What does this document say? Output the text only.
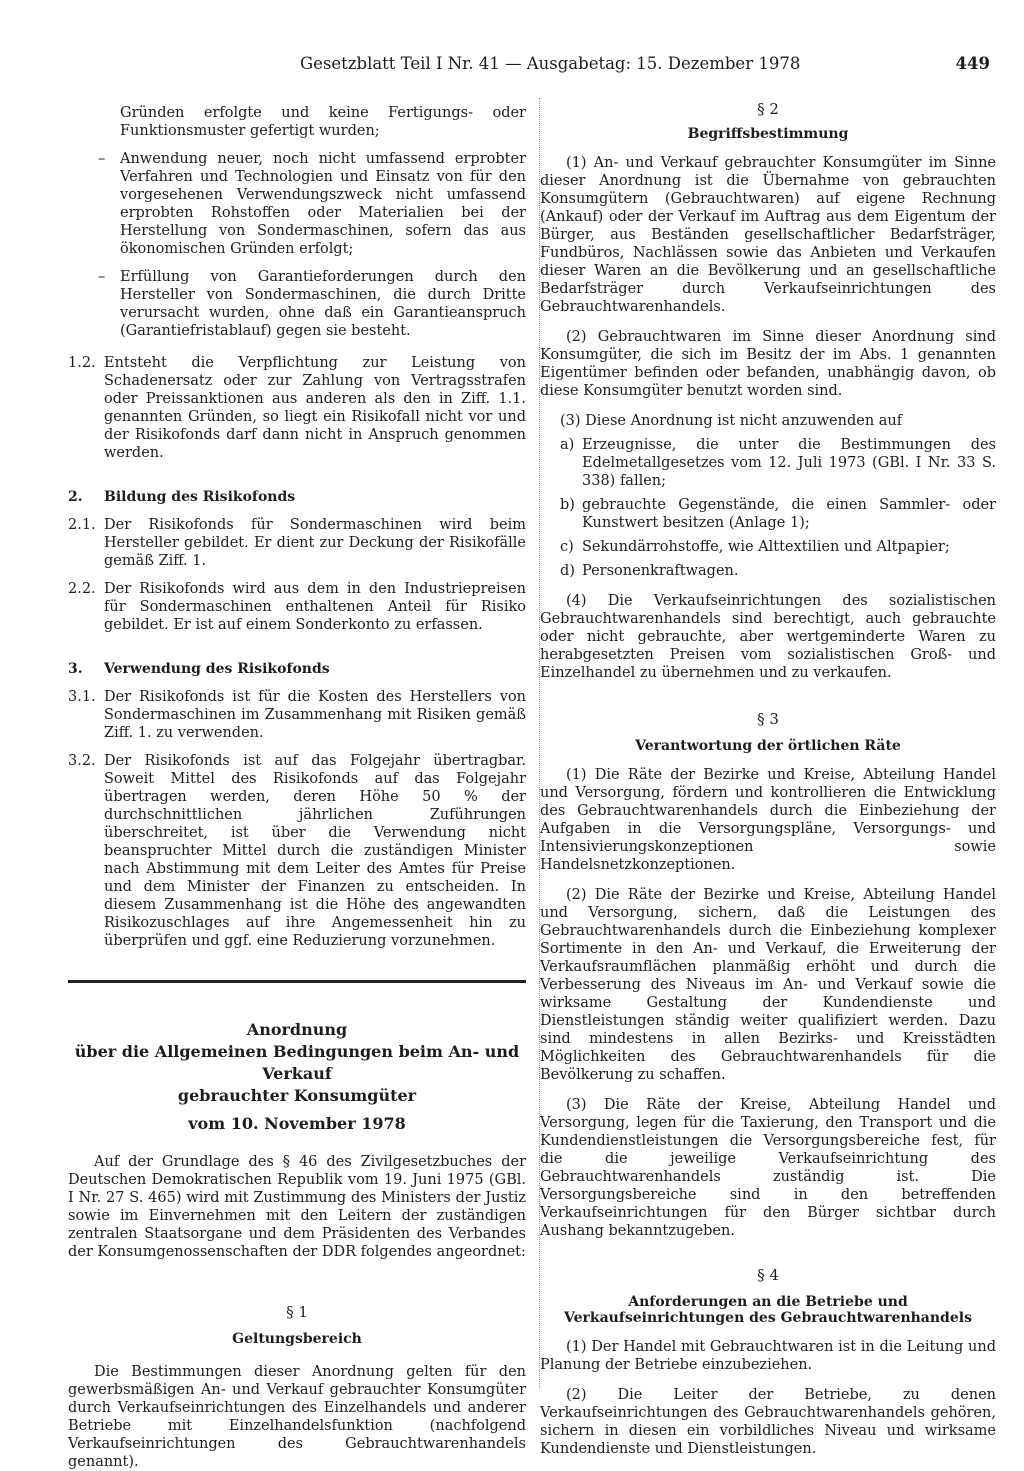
Gesetzblatt Teil I Nr. 41 — Ausgabetag: 15. Dezember 1978	449

Gründen erfolgte und keine Fertigungs- oder Funktionsmuster gefertigt wurden;

– Anwendung neuer, noch nicht umfassend erprobter Verfahren und Technologien und Einsatz von für den vorgesehenen Verwendungszweck nicht umfassend erprobten Rohstoffen oder Materialien bei der Herstellung von Sondermaschinen, sofern das aus ökonomischen Gründen erfolgt;
– Erfüllung von Garantieforderungen durch den Hersteller von Sondermaschinen, die durch Dritte verursacht wurden, ohne daß ein Garantieanspruch (Garantiefristablauf) gegen sie besteht.
1.2. Entsteht die Verpflichtung zur Leistung von Schadenersatz oder zur Zahlung von Vertragsstrafen oder Preissanktionen aus anderen als den in Ziff. 1.1. genannten Gründen, so liegt ein Risikofall nicht vor und der Risikofonds darf dann nicht in Anspruch genommen werden.
2. Bildung des Risikofonds
2.1. Der Risikofonds für Sondermaschinen wird beim Hersteller gebildet. Er dient zur Deckung der Risikofälle gemäß Ziff. 1.
2.2. Der Risikofonds wird aus dem in den Industriepreisen für Sondermaschinen enthaltenen Anteil für Risiko gebildet. Er ist auf einem Sonderkonto zu erfassen.
3. Verwendung des Risikofonds
3.1. Der Risikofonds ist für die Kosten des Herstellers von Sondermaschinen im Zusammenhang mit Risiken gemäß Ziff. 1. zu verwenden.
3.2. Der Risikofonds ist auf das Folgejahr übertragbar. Soweit Mittel des Risikofonds auf das Folgejahr übertragen werden, deren Höhe 50 % der durchschnittlichen jährlichen Zuführungen überschreitet, ist über die Verwendung nicht beanspruchter Mittel durch die zuständigen Minister nach Abstimmung mit dem Leiter des Amtes für Preise und dem Minister der Finanzen zu entscheiden. In diesem Zusammenhang ist die Höhe des angewandten Risikozuschlages auf ihre Angemessenheit hin zu überprüfen und ggf. eine Reduzierung vorzunehmen.
Anordnung
über die Allgemeinen Bedingungen beim An- und Verkauf
gebrauchter Konsumgüter
vom 10. November 1978

Auf der Grundlage des § 46 des Zivilgesetzbuches der Deutschen Demokratischen Republik vom 19. Juni 1975 (GBl. I Nr. 27 S. 465) wird mit Zustimmung des Ministers der Justiz sowie im Einvernehmen mit den Leitern der zuständigen zentralen Staatsorgane und dem Präsidenten des Verbandes der Konsumgenossenschaften der DDR folgendes angeordnet:

§ 1
Geltungsbereich

Die Bestimmungen dieser Anordnung gelten für den gewerbsmäßigen An- und Verkauf gebrauchter Konsumgüter durch Verkaufseinrichtungen des Einzelhandels und anderer Betriebe mit Einzelhandelsfunktion (nachfolgend Verkaufseinrichtungen des Gebrauchtwarenhandels genannt).

§ 2
Begriffsbestimmung

(1) An- und Verkauf gebrauchter Konsumgüter im Sinne dieser Anordnung ist die Übernahme von gebrauchten Konsumgütern (Gebrauchtwaren) auf eigene Rechnung (Ankauf) oder der Verkauf im Auftrag aus dem Eigentum der Bürger, aus Beständen gesellschaftlicher Bedarfsträger, Fundbüros, Nachlässen sowie das Anbieten und Verkaufen dieser Waren an die Bevölkerung und an gesellschaftliche Bedarfsträger durch Verkaufseinrichtungen des Gebrauchtwarenhandels.

(2) Gebrauchtwaren im Sinne dieser Anordnung sind Konsumgüter, die sich im Besitz der im Abs. 1 genannten Eigentümer befinden oder befanden, unabhängig davon, ob diese Konsumgüter benutzt worden sind.

(3) Diese Anordnung ist nicht anzuwenden auf

a) Erzeugnisse, die unter die Bestimmungen des Edelmetallgesetzes vom 12. Juli 1973 (GBl. I Nr. 33 S. 338) fallen;
b) gebrauchte Gegenstände, die einen Sammler- oder Kunstwert besitzen (Anlage 1);
c) Sekundärrohstoffe, wie Alttextilien und Altpapier;
d) Personenkraftwagen.

(4) Die Verkaufseinrichtungen des sozialistischen Gebrauchtwarenhandels sind berechtigt, auch gebrauchte oder nicht gebrauchte, aber wertgeminderte Waren zu herabgesetzten Preisen vom sozialistischen Groß- und Einzelhandel zu übernehmen und zu verkaufen.

§ 3
Verantwortung der örtlichen Räte

(1) Die Räte der Bezirke und Kreise, Abteilung Handel und Versorgung, fördern und kontrollieren die Entwicklung des Gebrauchtwarenhandels durch die Einbeziehung der Aufgaben in die Versorgungspläne, Versorgungs- und Intensivierungskonzeptionen sowie Handelsnetzkonzeptionen.

(2) Die Räte der Bezirke und Kreise, Abteilung Handel und Versorgung, sichern, daß die Leistungen des Gebrauchtwarenhandels durch die Einbeziehung komplexer Sortimente in den An- und Verkauf, die Erweiterung der Verkaufsraumflächen planmäßig erhöht und durch die Verbesserung des Niveaus im An- und Verkauf sowie die wirksame Gestaltung der Kundendienste und Dienstleistungen ständig weiter qualifiziert werden. Dazu sind mindestens in allen Bezirks- und Kreisstädten Möglichkeiten des Gebrauchtwarenhandels für die Bevölkerung zu schaffen.

(3) Die Räte der Kreise, Abteilung Handel und Versorgung, legen für die Taxierung, den Transport und die Kundendienstleistungen die Versorgungsbereiche fest, für die die jeweilige Verkaufseinrichtung des Gebrauchtwarenhandels zuständig ist. Die Versorgungsbereiche sind in den betreffenden Verkaufseinrichtungen für den Bürger sichtbar durch Aushang bekanntzugeben.

§ 4
Anforderungen an die Betriebe und Verkaufseinrichtungen des Gebrauchtwarenhandels

(1) Der Handel mit Gebrauchtwaren ist in die Leitung und Planung der Betriebe einzubeziehen.

(2) Die Leiter der Betriebe, zu denen Verkaufseinrichtungen des Gebrauchtwarenhandels gehören, sichern in diesen ein vorbildliches Niveau und wirksame Kundendienste und Dienstleistungen.
